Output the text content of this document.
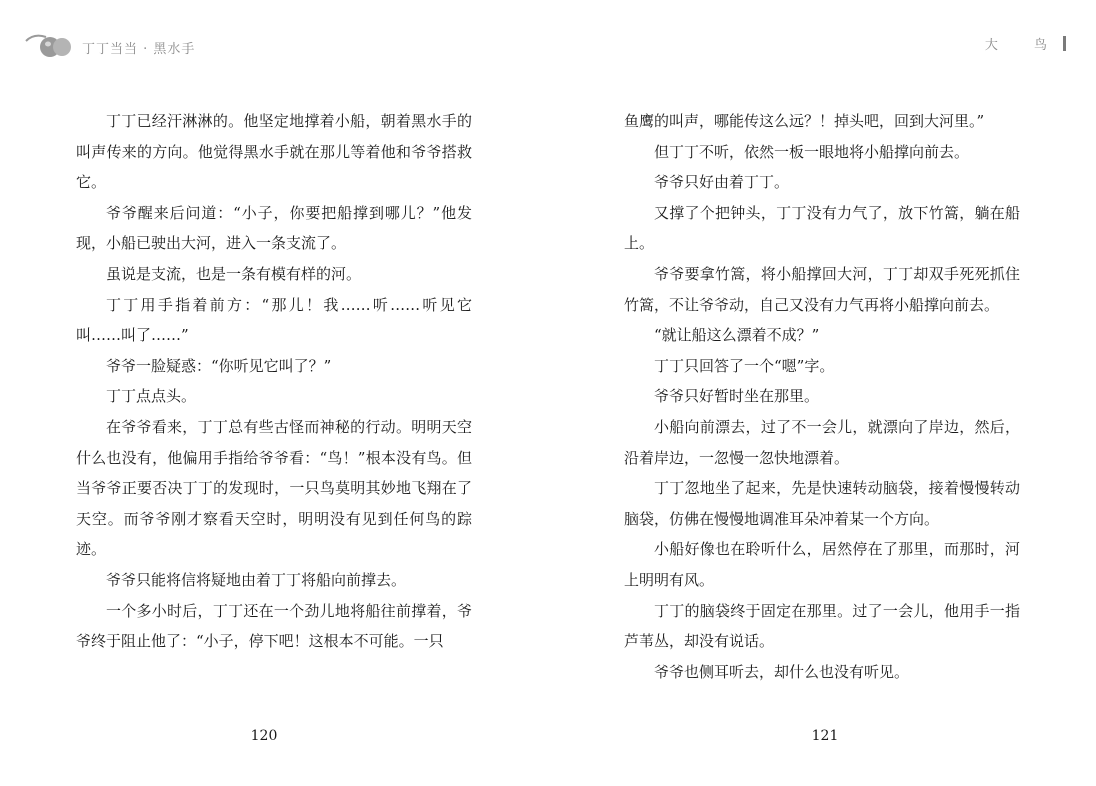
丁丁当当 · 黑水手

丁丁已经汗淋淋的。他坚定地撑着小船，朝着黑水手的叫声传来的方向。他觉得黑水手就在那儿等着他和爷爷搭救它。

爷爷醒来后问道：“小子，你要把船撑到哪儿？”他发现，小船已驶出大河，进入一条支流了。

虽说是支流，也是一条有模有样的河。

丁丁用手指着前方：“那儿！我……听……听见它叫……叫了……”

爷爷一脸疑惑：“你听见它叫了？”

丁丁点点头。

在爷爷看来，丁丁总有些古怪而神秘的行动。明明天空什么也没有，他偏用手指给爷爷看：“鸟！”根本没有鸟。但当爷爷正要否决丁丁的发现时，一只鸟莫明其妙地飞翔在了天空。而爷爷刚才察看天空时，明明没有见到任何鸟的踪迹。

爷爷只能将信将疑地由着丁丁将船向前撑去。

一个多小时后，丁丁还在一个劲儿地将船往前撑着，爷爷终于阻止他了：“小子，停下吧！这根本不可能。一只

120
大 鸟

鱼鹰的叫声，哪能传这么远？！掉头吧，回到大河里。”

但丁丁不听，依然一板一眼地将小船撑向前去。

爷爷只好由着丁丁。

又撑了个把钟头，丁丁没有力气了，放下竹篙，躺在船上。

爷爷要拿竹篙，将小船撑回大河，丁丁却双手死死抓住竹篙，不让爷爷动，自己又没有力气再将小船撑向前去。

“就让船这么漂着不成？”

丁丁只回答了一个“嗯”字。

爷爷只好暂时坐在那里。

小船向前漂去，过了不一会儿，就漂向了岸边，然后，沿着岸边，一忽慢一忽快地漂着。

丁丁忽地坐了起来，先是快速转动脑袋，接着慢慢转动脑袋，仿佛在慢慢地调准耳朵冲着某一个方向。

小船好像也在聆听什么，居然停在了那里，而那时，河上明明有风。

丁丁的脑袋终于固定在那里。过了一会儿，他用手一指芦苇丛，却没有说话。

爷爷也侧耳听去，却什么也没有听见。

121
